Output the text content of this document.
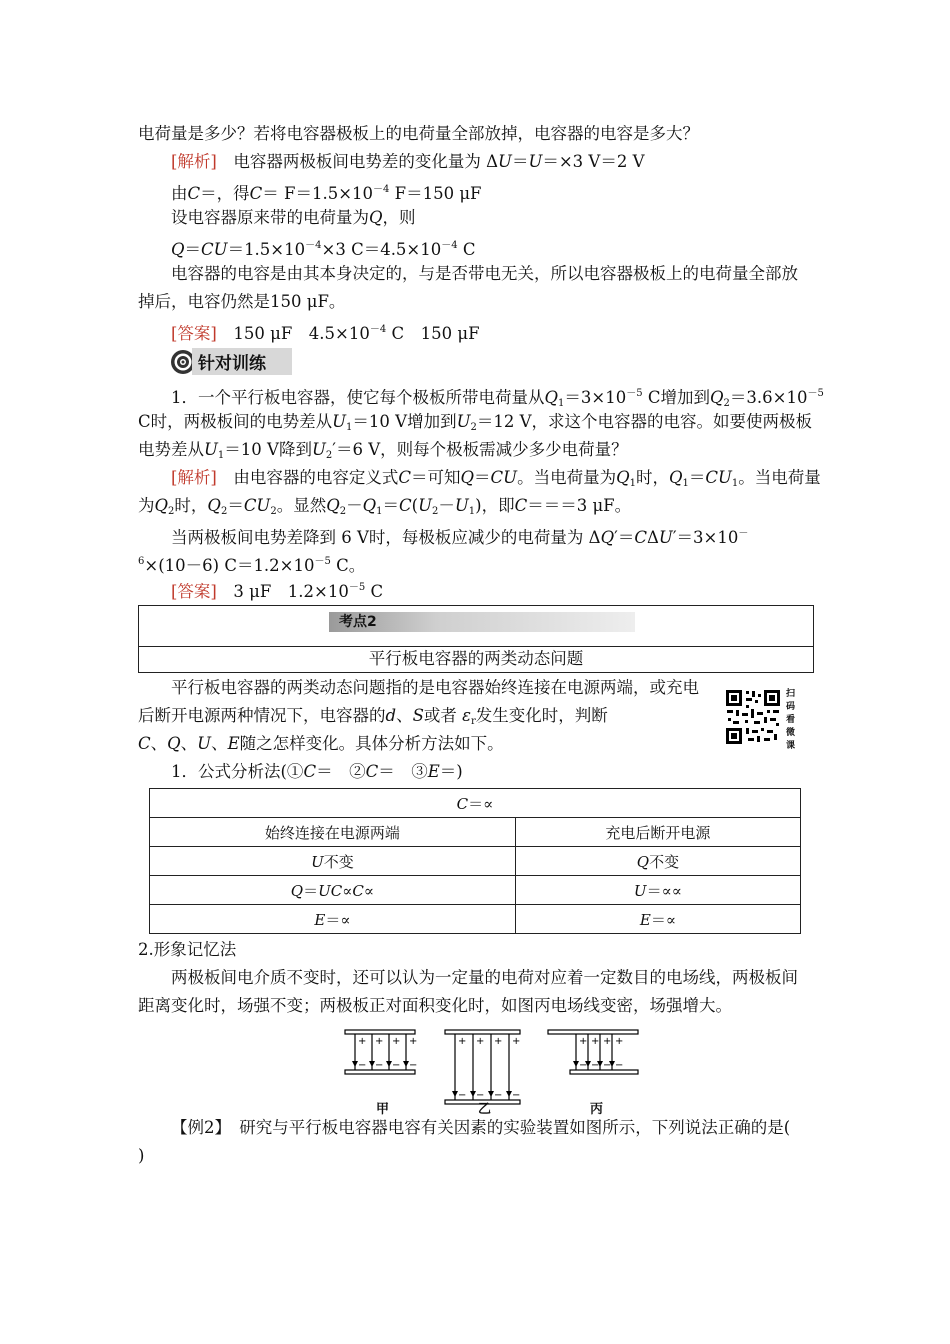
电荷量是多少？若将电容器极板上的电荷量全部放掉，电容器的电容是多大？
[解析]　 电容器两极板间电势差的变化量为 ΔU＝U＝×3 V＝2 V
由C＝，得$C= F=1.5\times 10^{-4}$ F＝150 μF
设电容器原来带的电荷量为Q，则
$Q=CU=1.5\times 10^{-4}\times 3$ $C=4.5\times 10^{-4}$ C
电容器的电容是由其本身决定的，与是否带电无关，所以电容器极板上的电荷量全部放
掉后，电容仍然是150 μF。
[答案]　 150 μF　$4.5\times 10^{-4}$ C　150 μF
针对训练
1．一个平行板电容器，使它每个极板所带电荷量从$Q_1=3\times 10^{-5}$ C增加到$Q_2=3.6\times 10^{-5}$
C时，两极板间的电势差从$U_1=10$ V增加到$U_2=12$ V，求这个电容器的电容。如要使两极板
电势差从$U_1=10$ V降到$U_2'=6$ V，则每个极板需减少多少电荷量？
[解析]　 由电容器的电容定义式C＝可知Q＝CU。当电荷量为$Q_1$时，$Q_1=CU_1$。当电荷量
为$Q_2$时，$Q_2=CU_2$。显然$Q_2-Q_1=C(U_2-U_1)$，即C＝＝＝3 μF。
当两极板间电势差降到 6 V时，每极板应减少的电荷量为 ΔQ′＝CΔU′＝3×10－
$^6$×(10－6) $C=1.2\times 10^{-5}$ C。
[答案]　 3 μF　$1.2\times 10^{-5}$ C
考点2
平行板电容器的两类动态问题
平行板电容器的两类动态问题指的是电容器始终连接在电源两端，或充电
后断开电源两种情况下，电容器的d、S或者 $\varepsilon_r$发生变化时，判断
C、Q、U、E随之怎样变化。具体分析方法如下。
扫码看微课
1．公式分析法(①C＝　②C＝　③E＝)
C＝∝	
始终连接在电源两端	充电后断开电源
U不变	Q不变
Q＝UC∝C∝	U＝∝∝
E＝∝	E＝∝
2.形象记忆法
两极板间电介质不变时，还可以认为一定量的电荷对应着一定数目的电场线，两极板间
距离变化时，场强不变；两极板正对面积变化时，如图丙电场线变密，场强增大。
+ + + +
− − − −
+ + + +
− − − −
+ + + +
− − − −
甲	乙	丙
【例2】　研究与平行板电容器电容有关因素的实验装置如图所示，下列说法正确的是(
)
